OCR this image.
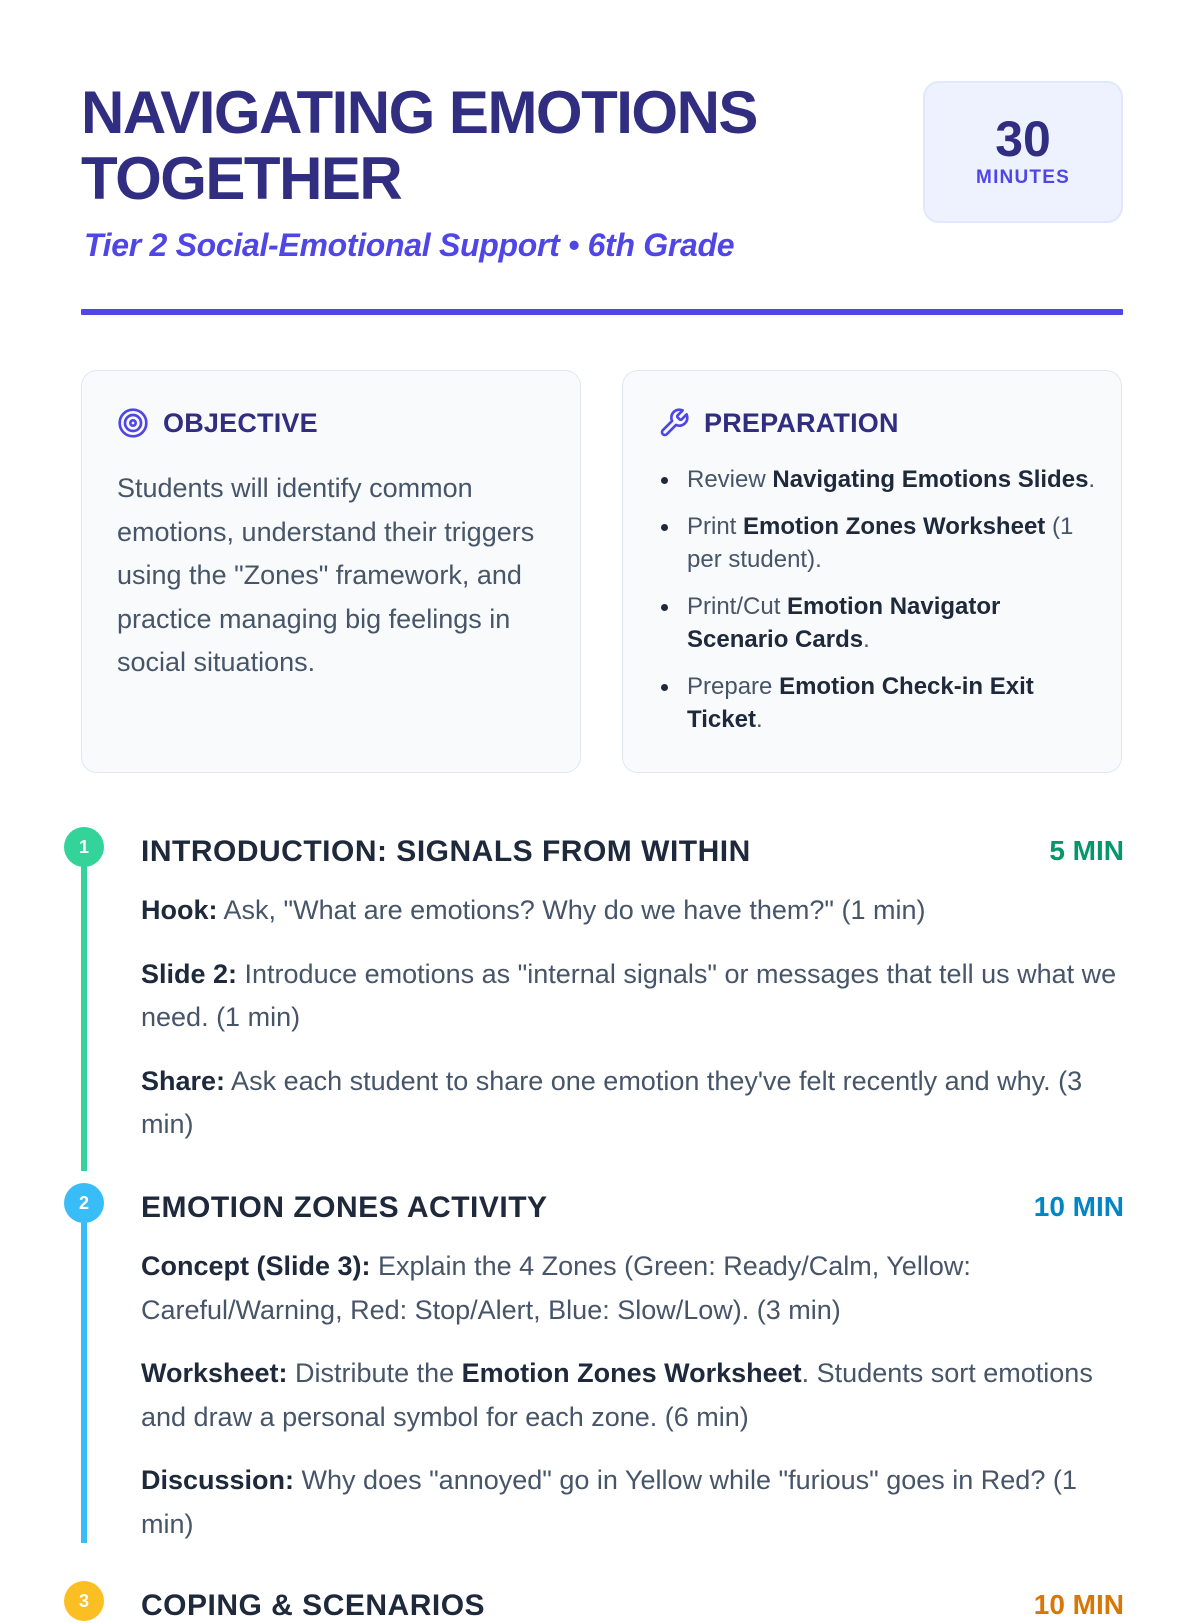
NAVIGATING EMOTIONS TOGETHER
Tier 2 Social-Emotional Support • 6th Grade
30
MINUTES
OBJECTIVE

Students will identify common emotions, understand their triggers using the "Zones" framework, and practice managing big feelings in social situations.

PREPARATION
Review Navigating Emotions Slides.
Print Emotion Zones Worksheet (1 per student).
Print/Cut Emotion Navigator Scenario Cards.
Prepare Emotion Check-in Exit Ticket.
1	INTRODUCTION: SIGNALS FROM WITHIN	5 MIN

Hook: Ask, "What are emotions? Why do we have them?" (1 min)

Slide 2: Introduce emotions as "internal signals" or messages that tell us what we need. (1 min)

Share: Ask each student to share one emotion they've felt recently and why. (3 min)

2	EMOTION ZONES ACTIVITY	10 MIN

Concept (Slide 3): Explain the 4 Zones (Green: Ready/Calm, Yellow: Careful/Warning, Red: Stop/Alert, Blue: Slow/Low). (3 min)

Worksheet: Distribute the Emotion Zones Worksheet. Students sort emotions and draw a personal symbol for each zone. (6 min)

Discussion: Why does "annoyed" go in Yellow while "furious" goes in Red? (1 min)

3	COPING & SCENARIOS	10 MIN
